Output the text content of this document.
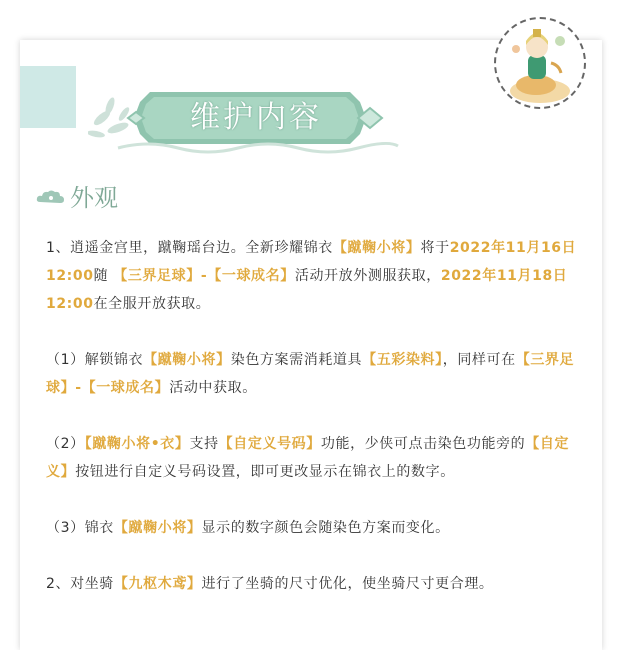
维护内容
外观

1、逍遥金宫里，蹴鞠瑶台边。全新珍耀锦衣【蹴鞠小将】将于2022年11月16日12:00随 【三界足球】-【一球成名】活动开放外测服获取，2022年11月18日12:00在全服开放获取。

（1）解锁锦衣【蹴鞠小将】染色方案需消耗道具【五彩染料】，同样可在【三界足球】-【一球成名】活动中获取。

（2）【蹴鞠小将•衣】支持【自定义号码】功能，少侠可点击染色功能旁的【自定义】按钮进行自定义号码设置，即可更改显示在锦衣上的数字。

（3）锦衣【蹴鞠小将】显示的数字颜色会随染色方案而变化。

2、对坐骑【九枢木鸢】进行了坐骑的尺寸优化，使坐骑尺寸更合理。
